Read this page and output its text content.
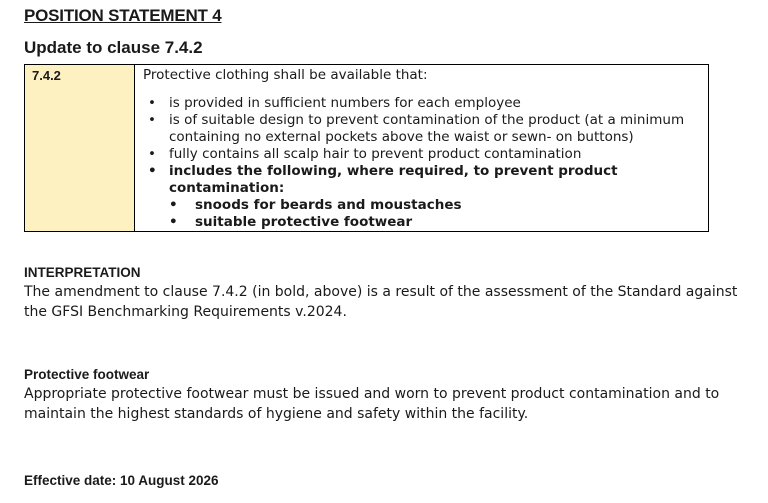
POSITION STATEMENT 4
Update to clause 7.4.2
7.4.2	Protective clothing shall be available that:

• is provided in sufficient numbers for each employee
• is of suitable design to prevent contamination of the product (at a minimum containing no external pockets above the waist or sewn- on buttons)
• fully contains all scalp hair to prevent product contamination
• includes the following, where required, to prevent product contamination:
• snoods for beards and moustaches
• suitable protective footwear

INTERPRETATION

The amendment to clause 7.4.2 (in bold, above) is a result of the assessment of the Standard against the GFSI Benchmarking Requirements v.2024.

Protective footwear

Appropriate protective footwear must be issued and worn to prevent product contamination and to maintain the highest standards of hygiene and safety within the facility.

Effective date: 10 August 2026
